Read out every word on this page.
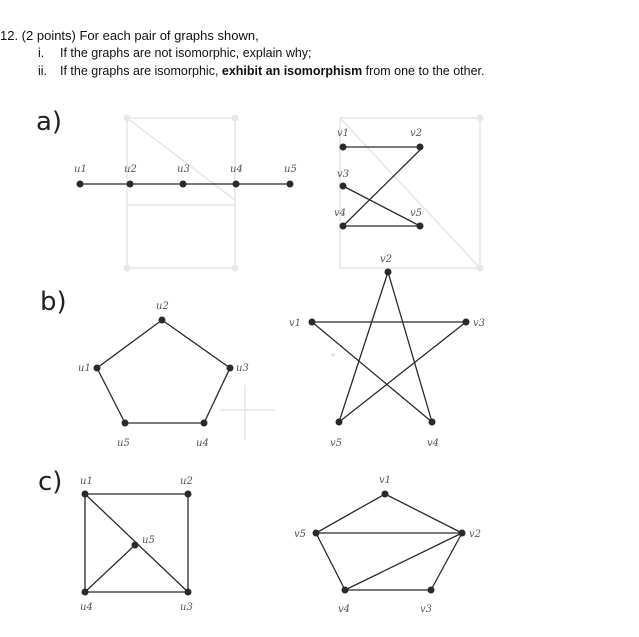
12. (2 points) For each pair of graphs shown,
i. If the graphs are not isomorphic, explain why;
ii. If the graphs are isomorphic, exhibit an isomorphism from one to the other.
a)
u1	u2	u3	u4	u5
v1	v2
v3
v4	v5
b)	u2
u1	u3
u5	u4
v2
v1	v3
v5	v4
c) u1	u2
u5
u4	u3
v1
v5	v2
v4	v3
